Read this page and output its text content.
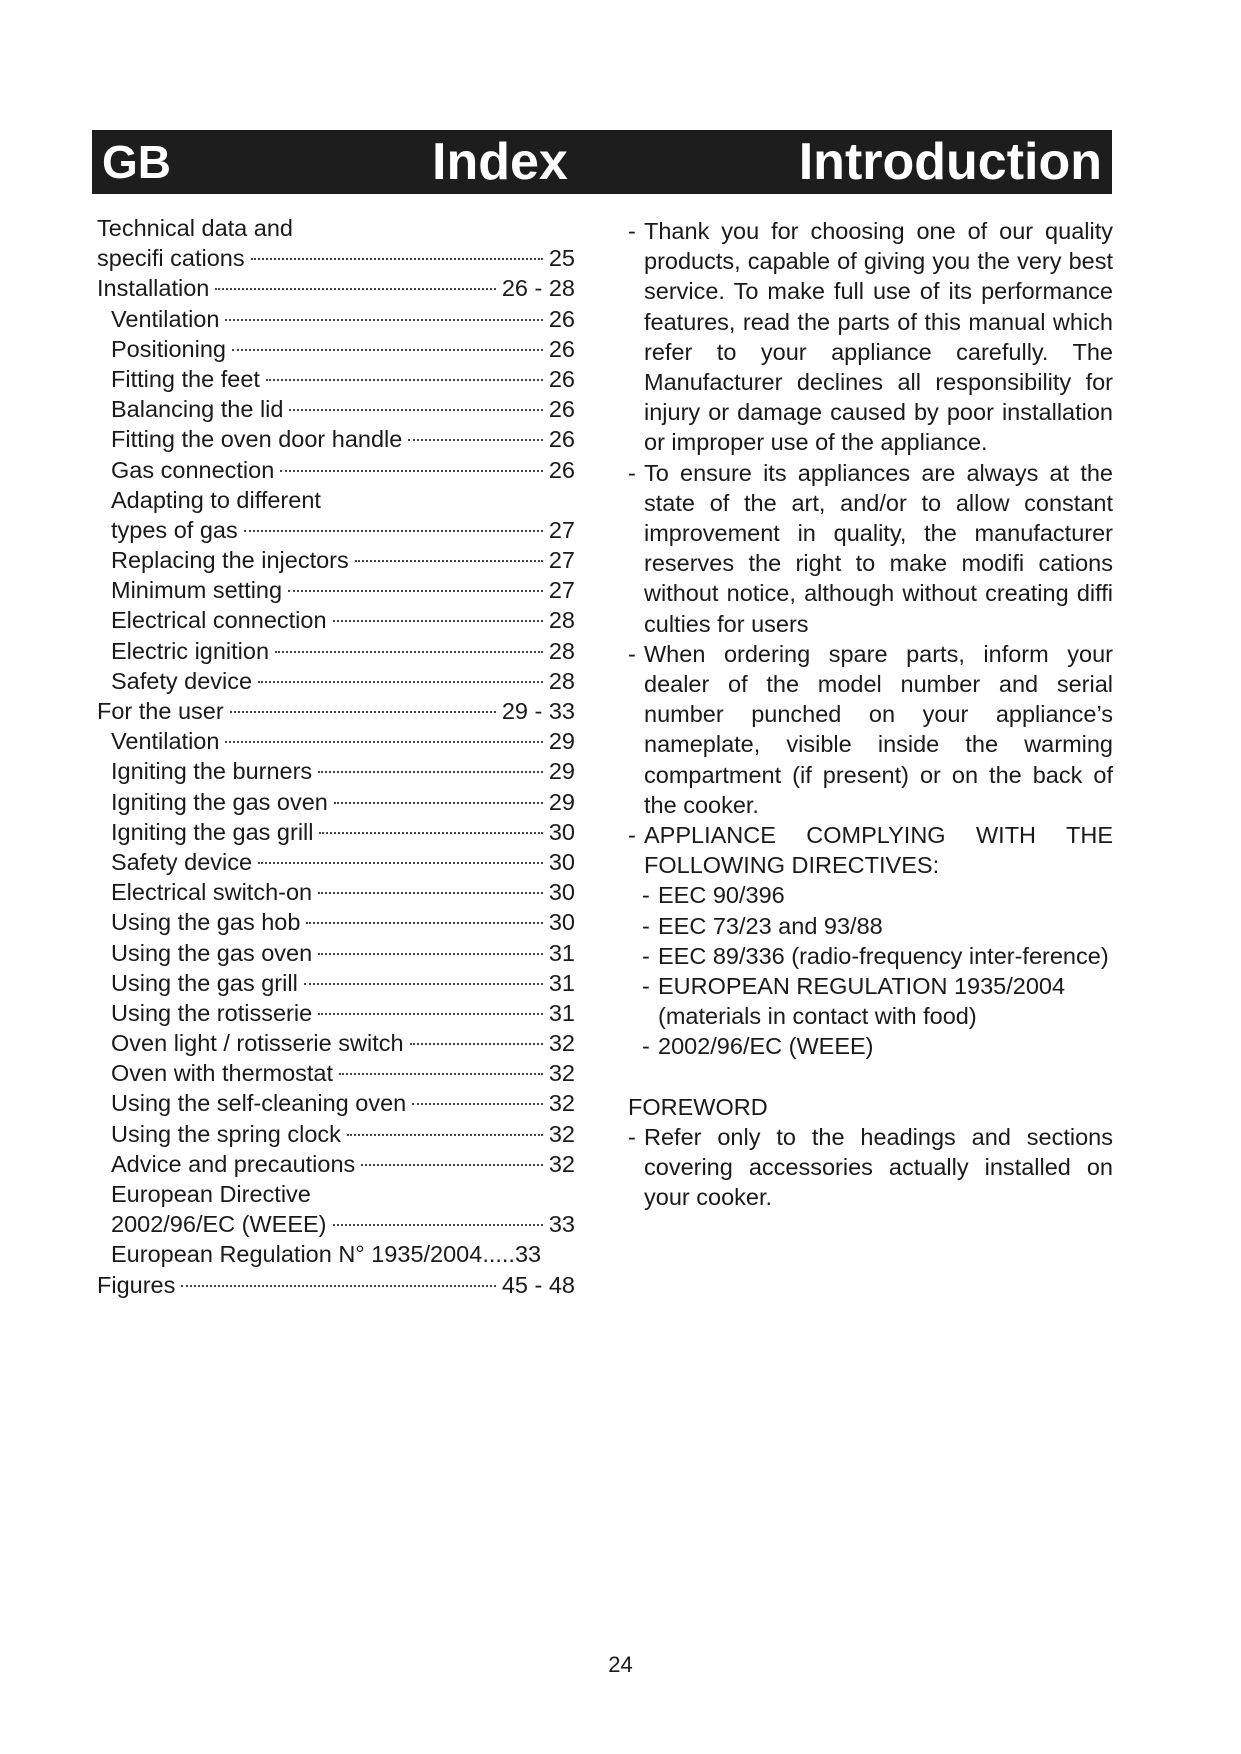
GB	Index	Introduction
Technical data and
specifi cations	25
Installation	26 - 28
Ventilation	26
Positioning	26
Fitting the feet	26
Balancing the lid	26
Fitting the oven door handle	26
Gas connection	26
Adapting to different
types of gas	27
Replacing the injectors	27
Minimum setting	27
Electrical connection	28
Electric ignition	28
Safety device	28
For the user	29 - 33
Ventilation	29
Igniting the burners	29
Igniting the gas oven	29
Igniting the gas grill	30
Safety device	30
Electrical switch-on	30
Using the gas hob	30
Using the gas oven	31
Using the gas grill	31
Using the rotisserie	31
Oven light / rotisserie switch	32
Oven with thermostat	32
Using the self-cleaning oven	32
Using the spring clock	32
Advice and precautions	32
European Directive
2002/96/EC (WEEE)	33
European Regulation N° 1935/2004.....33
Figures	45 - 48

- Thank you for choosing one of our quality products, capable of giving you the very best service. To make full use of its performance features, read the parts of this manual which refer to your appliance carefully. The Manufacturer declines all responsibility for injury or damage caused by poor installation or improper use of the appliance.

- To ensure its appliances are always at the state of the art, and/or to allow constant improvement in quality, the manufacturer reserves the right to make modifi cations without notice, although without creating diffi culties for users

- When ordering spare parts, inform your dealer of the model number and serial number punched on your appliance’s nameplate, visible inside the warming compartment (if present) or on the back of the cooker.

- APPLIANCE COMPLYING WITH THE FOLLOWING DIRECTIVES:

- EEC 90/396
- EEC 73/23 and 93/88
- EEC 89/336 (radio-frequency inter-ference)
- EUROPEAN REGULATION 1935/2004 (materials in contact with food)
- 2002/96/EC (WEEE)

FOREWORD

- Refer only to the headings and sections covering accessories actually installed on your cooker.

24
